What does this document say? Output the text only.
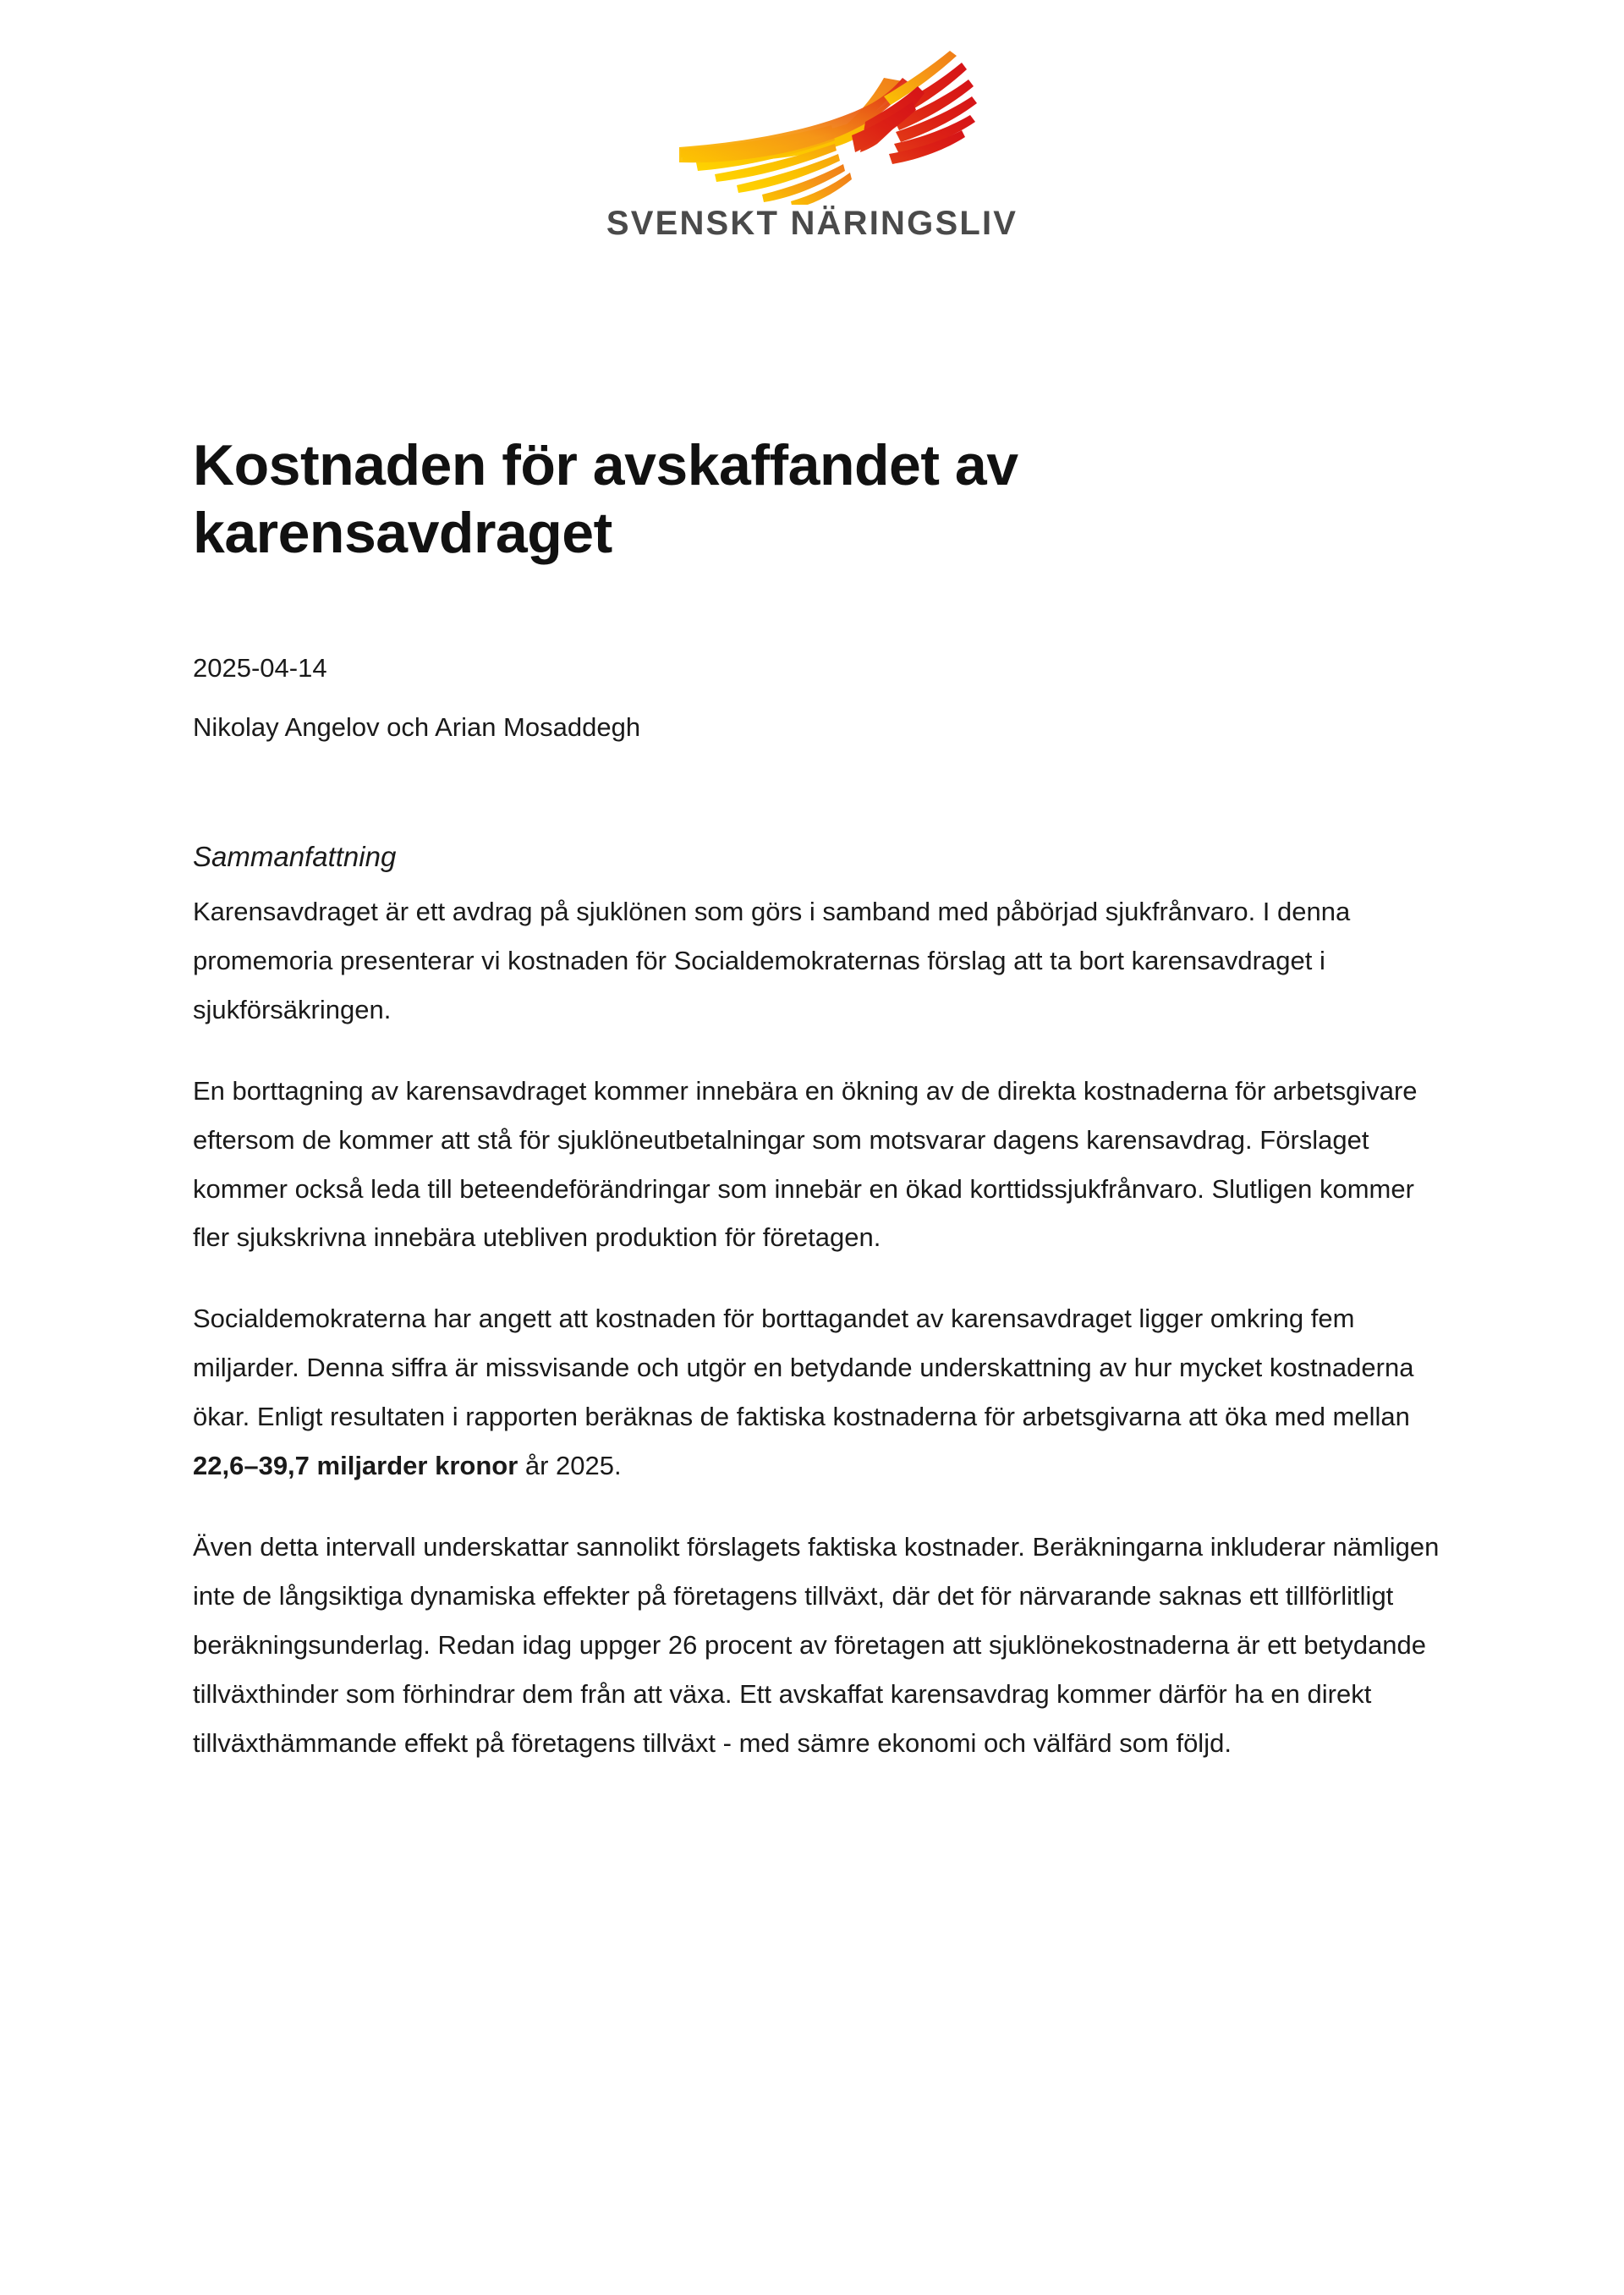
SVENSKT NÄRINGSLIV
Kostnaden för avskaffandet av karensavdraget

2025-04-14

Nikolay Angelov och Arian Mosaddegh

Sammanfattning

Karensavdraget är ett avdrag på sjuklönen som görs i samband med påbörjad sjukfrånvaro. I denna promemoria presenterar vi kostnaden för Socialdemokraternas förslag att ta bort karensavdraget i sjukförsäkringen.

En borttagning av karensavdraget kommer innebära en ökning av de direkta kostnaderna för arbetsgivare eftersom de kommer att stå för sjuklöneutbetalningar som motsvarar dagens karensavdrag. Förslaget kommer också leda till beteendeförändringar som innebär en ökad korttidssjukfrånvaro. Slutligen kommer fler sjukskrivna innebära utebliven produktion för företagen.

Socialdemokraterna har angett att kostnaden för borttagandet av karensavdraget ligger omkring fem miljarder. Denna siffra är missvisande och utgör en betydande underskattning av hur mycket kostnaderna ökar. Enligt resultaten i rapporten beräknas de faktiska kostnaderna för arbetsgivarna att öka med mellan 22,6–39,7 miljarder kronor år 2025.

Även detta intervall underskattar sannolikt förslagets faktiska kostnader. Beräkningarna inkluderar nämligen inte de långsiktiga dynamiska effekter på företagens tillväxt, där det för närvarande saknas ett tillförlitligt beräkningsunderlag. Redan idag uppger 26 procent av företagen att sjuklönekostnaderna är ett betydande tillväxthinder som förhindrar dem från att växa. Ett avskaffat karensavdrag kommer därför ha en direkt tillväxthämmande effekt på företagens tillväxt - med sämre ekonomi och välfärd som följd.
